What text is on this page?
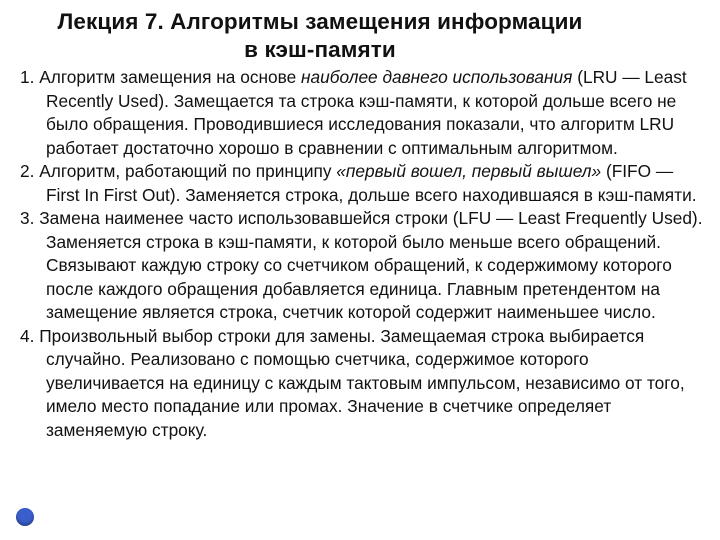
Лекция 7. Алгоритмы замещения информации
в кэш-памяти
1. Алгоритм замещения на основе наиболее давнего использования (LRU — Least Recently Used). Замещается та строка кэш-памяти, к которой дольше всего не было обращения. Проводившиеся исследования показали, что алгоритм LRU работает достаточно хорошо в сравнении с оптимальным алгоритмом.
2. Алгоритм, работающий по принципу «первый вошел, первый вышел» (FIFO — First In First Out). Заменяется строка, дольше всего находившаяся в кэш-памяти.
3. Замена наименее часто использовавшейся строки (LFU — Least Frequently Used). Заменяется строка в кэш-памяти, к которой было меньше всего обращений. Связывают каждую строку со счетчиком обращений, к содержимому которого после каждого обращения добавляется единица. Главным претендентом на замещение является строка, счетчик которой содержит наименьшее число.
4. Произвольный выбор строки для замены. Замещаемая строка выбирается случайно. Реализовано с помощью счетчика, содержимое которого увеличивается на единицу с каждым тактовым импульсом, независимо от того, имело место попадание или промах. Значение в счетчике определяет заменяемую строку.
